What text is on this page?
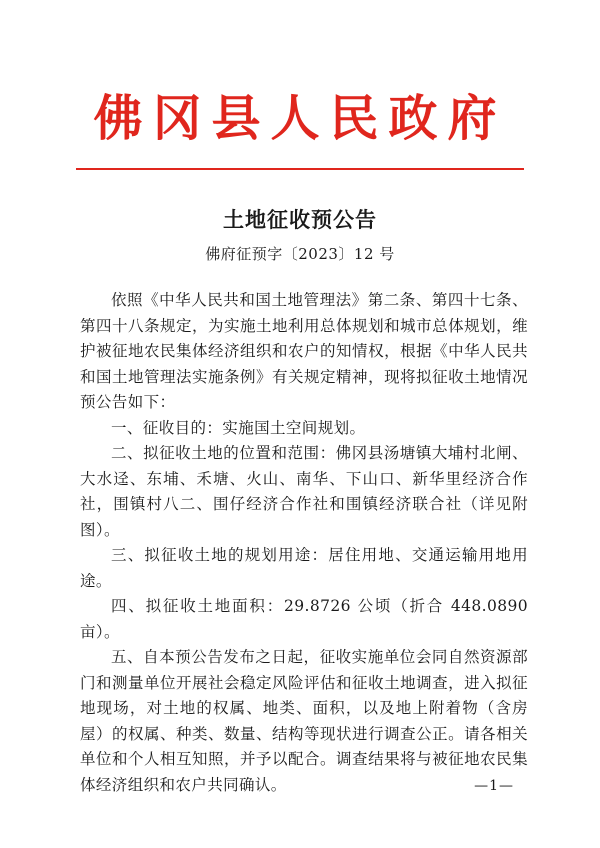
佛冈县人民政府
土地征收预公告
佛府征预字〔2023〕12 号

依照《中华人民共和国土地管理法》第二条、第四十七条、第四十八条规定，为实施土地利用总体规划和城市总体规划，维护被征地农民集体经济组织和农户的知情权，根据《中华人民共和国土地管理法实施条例》有关规定精神，现将拟征收土地情况预公告如下：

一、征收目的：实施国土空间规划。

二、拟征收土地的位置和范围：佛冈县汤塘镇大埔村北闸、大水迳、东埔、禾塘、火山、南华、下山口、新华里经济合作社，围镇村八二、围仔经济合作社和围镇经济联合社（详见附图）。

三、拟征收土地的规划用途：居住用地、交通运输用地用途。

四、拟征收土地面积：29.8726 公顷（折合 448.0890 亩）。

五、自本预公告发布之日起，征收实施单位会同自然资源部门和测量单位开展社会稳定风险评估和征收土地调查，进入拟征地现场，对土地的权属、地类、面积，以及地上附着物（含房屋）的权属、种类、数量、结构等现状进行调查公正。请各相关单位和个人相互知照，并予以配合。调查结果将与被征地农民集体经济组织和农户共同确认。	—1—
